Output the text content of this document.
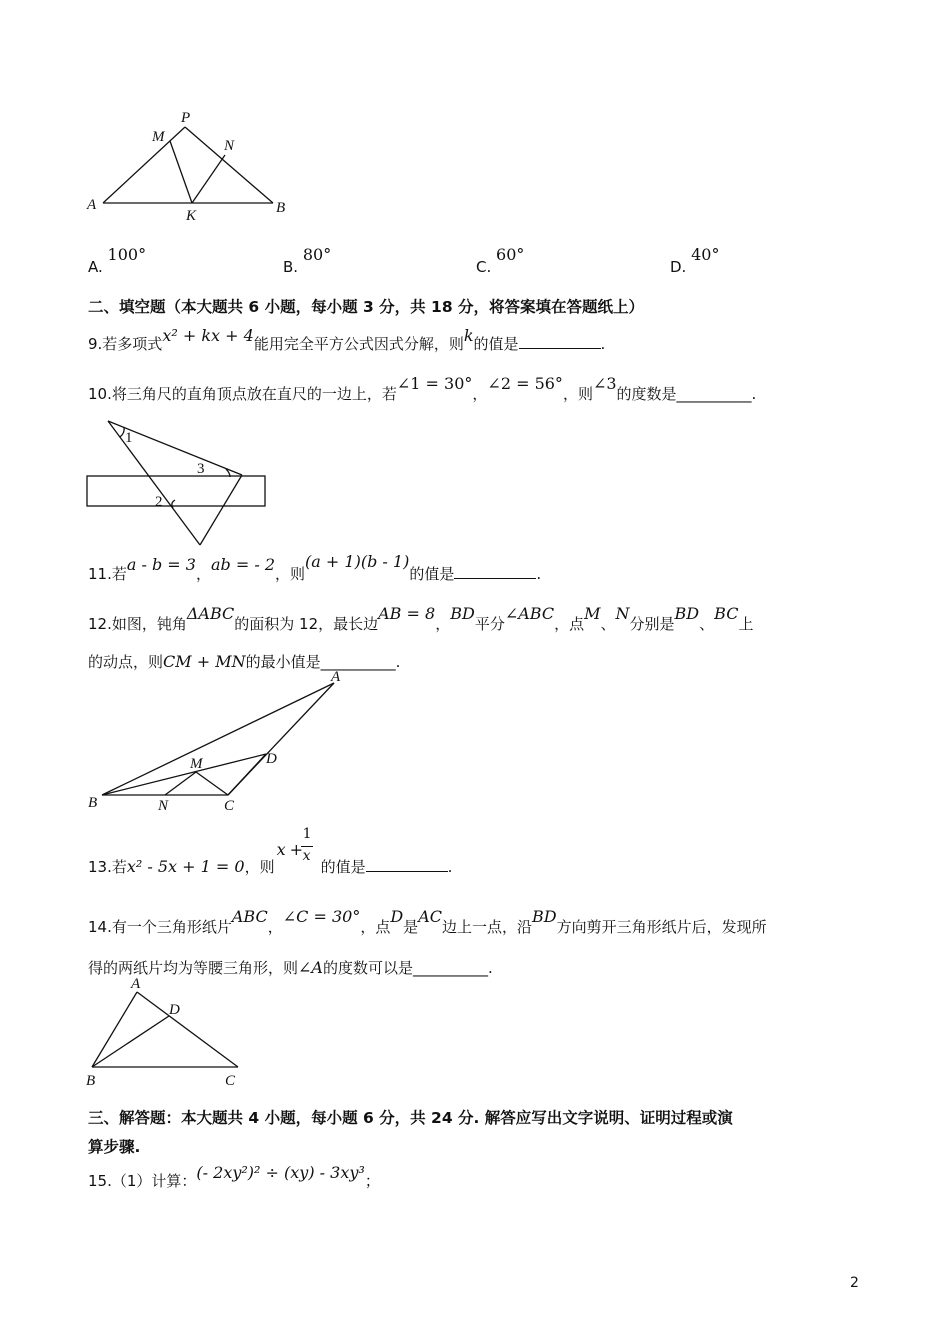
P
M
N
A	B
K
A. 100°
B. 80°
C. 60°
D. 40°
二、填空题（本大题共 6 小题，每小题 3 分，共 18 分，将答案填在答题纸上）
9.若多项式x² + kx + 4能用完全平方公式因式分解，则k的值是	.
10.将三角尺的直角顶点放在直尺的一边上，若∠1 = 30°，∠2 = 56°，则∠3的度数是__________.
1
3
2
11.若a - b = 3，ab = - 2，则(a + 1)(b - 1)的值是	.
12.如图，钝角ΔABC的面积为 12，最长边AB = 8，BD平分∠ABC，点M、N分别是BD、BC上
的动点，则CM + MN的最小值是__________.
A
D
M
B	N	C
13.若x² - 5x + 1 = 0，则
x +
1
x
的值是	.
14.有一个三角形纸片ABC，∠C = 30°，点D是AC边上一点，沿BD方向剪开三角形纸片后，发现所
得的两纸片均为等腰三角形，则∠A的度数可以是__________.
A
D
B	C
三、解答题：本大题共 4 小题，每小题 6 分，共 24 分. 解答应写出文字说明、证明过程或演
算步骤.
15.（1）计算：(- 2xy²)² ÷ (xy) - 3xy³；
2
